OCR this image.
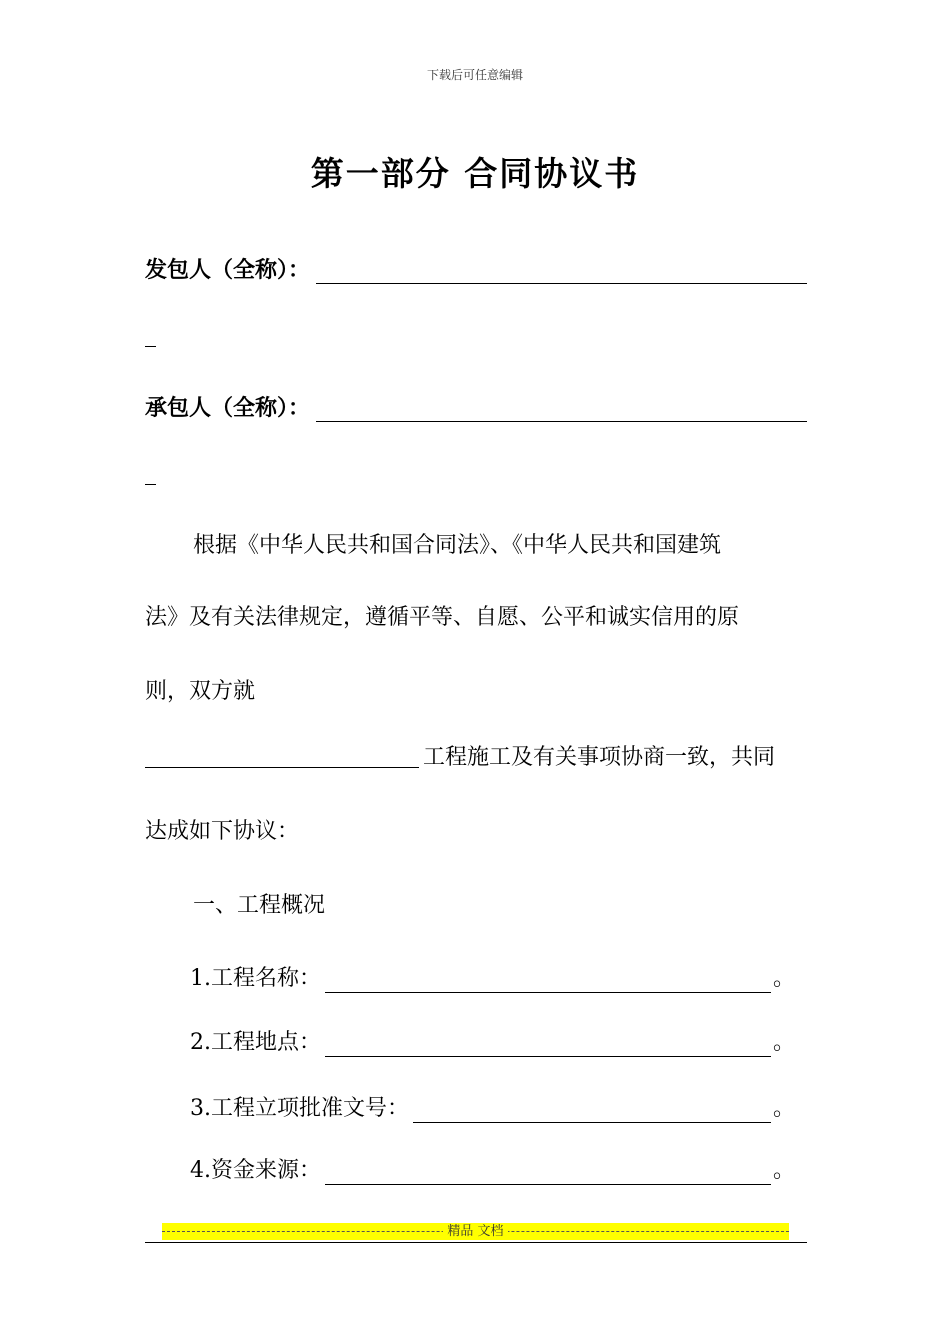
下载后可任意编辑
第一部分 合同协议书
发包人（全称）：
承包人（全称）：
根据《中华人民共和国合同法》、《中华人民共和国建筑
法》及有关法律规定，遵循平等、自愿、公平和诚实信用的原
则，双方就
工程施工及有关事项协商一致，共同
达成如下协议：
一、工程概况
1.工程名称：	。
2.工程地点：	。
3.工程立项批准文号：	。
4.资金来源：	。
精品 文档
